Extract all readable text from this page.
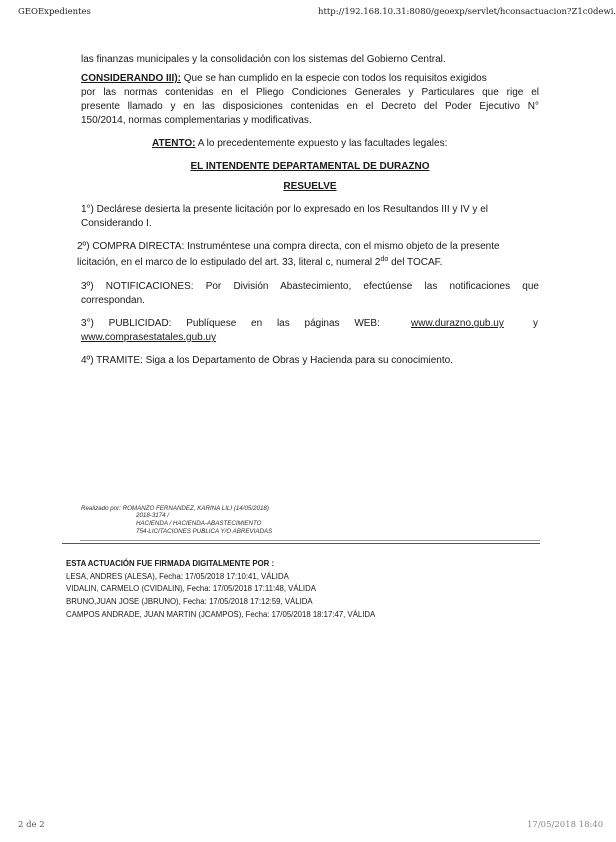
GEOExpedientes	http://192.168.10.31:8080/geoexp/servlet/hconsactuacion?Z1c0dewi.
las finanzas municipales y la consolidación con los sistemas del Gobierno Central.
CONSIDERANDO III): Que se han cumplido en la especie con todos los requisitos exigidos
por las normas contenidas en el Pliego Condiciones Generales y Particulares que rige el
presente llamado y en las disposiciones contenidas en el Decreto del Poder Ejecutivo N°
150/2014, normas complementarias y modificativas.
ATENTO: A lo precedentemente expuesto y las facultades legales:
EL INTENDENTE DEPARTAMENTAL DE DURAZNO
RESUELVE
1°) Declárese desierta la presente licitación por lo expresado en los Resultandos III y IV y el
Considerando I.
2º) COMPRA DIRECTA: Instruméntese una compra directa, con el mismo objeto de la presente
licitación, en el marco de lo estipulado del art. 33, literal c, numeral $2^{do}$ del TOCAF.
3º) NOTIFICACIONES: Por División Abastecimiento, efectúense las notificaciones que
correspondan.
3°) PUBLICIDAD: Publíquese en las páginas WEB:	www.durazno.gub.uy	y
www.comprasestatales.gub.uy
4º) TRAMITE: Siga a los Departamento de Obras y Hacienda para su conocimiento.
Realizado por: ROMANZO FERNANDEZ, KARINA LILI (14/05/2018)
2018-3174 /
HACIENDA / HACIENDA-ABASTECIMIENTO
754-LICITACIONES PUBLICA Y/O ABREVIADAS
ESTA ACTUACIÓN FUE FIRMADA DIGITALMENTE POR :
LESA, ANDRES (ALESA), Fecha: 17/05/2018 17:10:41, VÁLIDA
VIDALIN, CARMELO (CVIDALIN), Fecha: 17/05/2018 17:11:48, VÁLIDA
BRUNO,JUAN JOSE (JBRUNO), Fecha: 17/05/2018 17:12:59, VÁLIDA
CAMPOS ANDRADE, JUAN MARTIN (JCAMPOS), Fecha: 17/05/2018 18:17:47, VÁLIDA
2 de 2	17/05/2018 18:40
